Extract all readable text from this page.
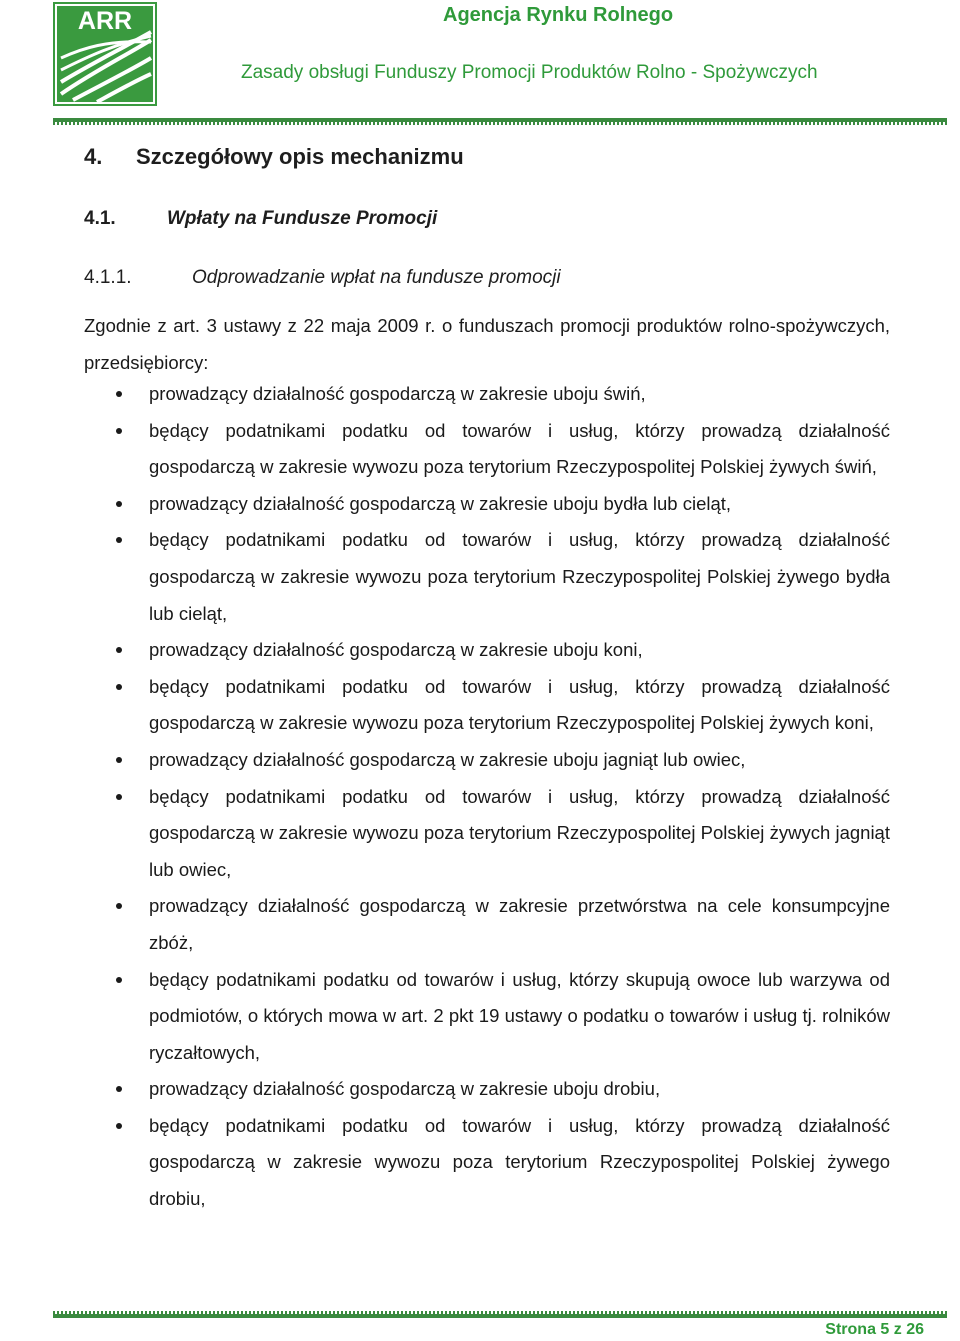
ARR	Agencja Rynku Rolnego
Zasady obsługi Funduszy Promocji Produktów Rolno - Spożywczych
4. Szczegółowy opis mechanizmu
4.1.	Wpłaty na Fundusze Promocji
4.1.1.	Odprowadzanie wpłat na fundusze promocji
Zgodnie z art. 3 ustawy z 22 maja 2009 r. o funduszach promocji produktów rolno-spożywczych, przedsiębiorcy:
prowadzący działalność gospodarczą w zakresie uboju świń,
będący podatnikami podatku od towarów i usług, którzy prowadzą działalność gospodarczą w zakresie wywozu poza terytorium Rzeczypospolitej Polskiej żywych świń,
prowadzący działalność gospodarczą w zakresie uboju bydła lub cieląt,
będący podatnikami podatku od towarów i usług, którzy prowadzą działalność gospodarczą w zakresie wywozu poza terytorium Rzeczypospolitej Polskiej żywego bydła lub cieląt,
prowadzący działalność gospodarczą w zakresie uboju koni,
będący podatnikami podatku od towarów i usług, którzy prowadzą działalność gospodarczą w zakresie wywozu poza terytorium Rzeczypospolitej Polskiej żywych koni,
prowadzący działalność gospodarczą w zakresie uboju jagniąt lub owiec,
będący podatnikami podatku od towarów i usług, którzy prowadzą działalność gospodarczą w zakresie wywozu poza terytorium Rzeczypospolitej Polskiej żywych jagniąt lub owiec,
prowadzący działalność gospodarczą w zakresie przetwórstwa na cele konsumpcyjne zbóż,
będący podatnikami podatku od towarów i usług, którzy skupują owoce lub warzywa od podmiotów, o których mowa w art. 2 pkt 19 ustawy o podatku o towarów i usług tj. rolników ryczałtowych,
prowadzący działalność gospodarczą w zakresie uboju drobiu,
będący podatnikami podatku od towarów i usług, którzy prowadzą działalność gospodarczą w zakresie wywozu poza terytorium Rzeczypospolitej Polskiej żywego drobiu,
Strona 5 z 26
